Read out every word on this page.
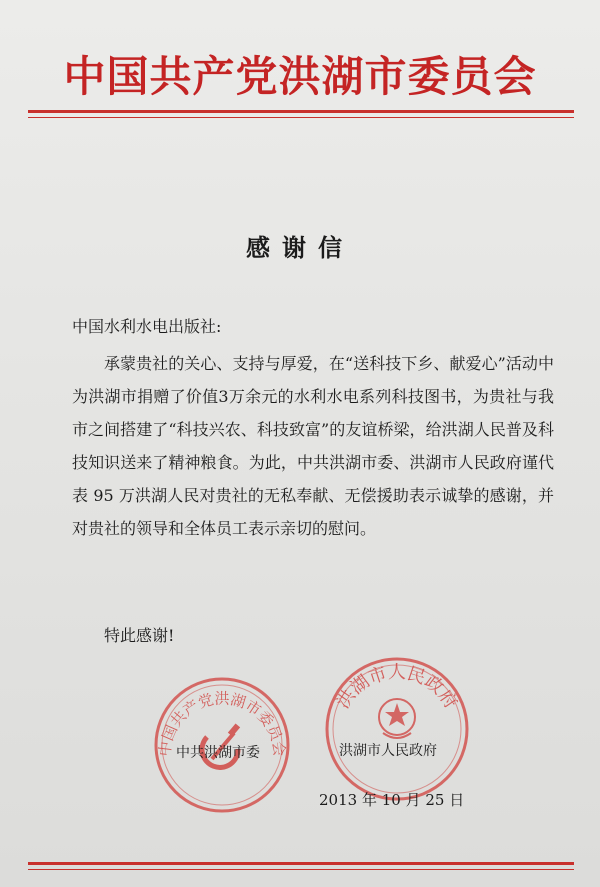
中国共产党洪湖市委员会
感谢信
中国水利水电出版社:

承蒙贵社的关心、支持与厚爱，在“送科技下乡、献爱心”活动中为洪湖市捐赠了价值3万余元的水利水电系列科技图书，为贵社与我市之间搭建了“科技兴农、科技致富”的友谊桥梁，给洪湖人民普及科技知识送来了精神粮食。为此，中共洪湖市委、洪湖市人民政府谨代表 95 万洪湖人民对贵社的无私奉献、无偿援助表示诚挚的感谢，并对贵社的领导和全体员工表示亲切的慰问。

特此感谢!
中国共产党洪湖市委员会
中共洪湖市委
洪湖市人民政府
洪湖市人民政府
2013 年 10 月 25 日
